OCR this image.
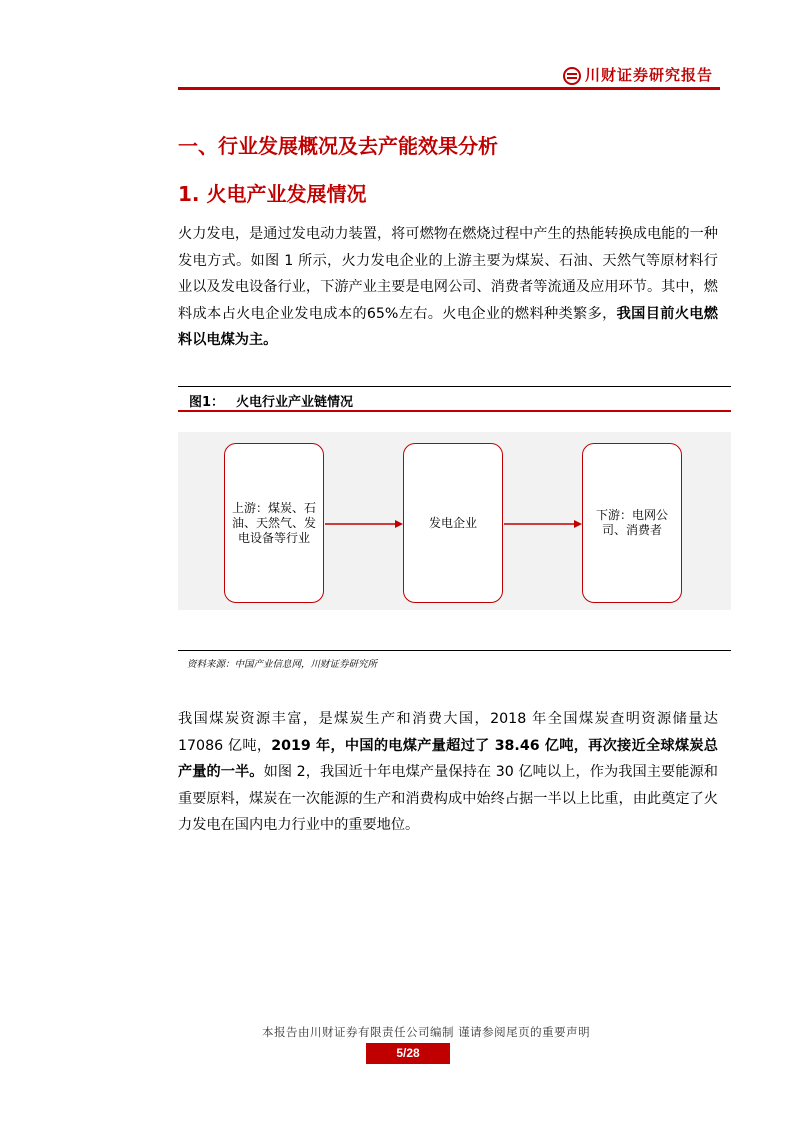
川财证券研究报告
一、行业发展概况及去产能效果分析
1. 火电产业发展情况
火力发电，是通过发电动力装置，将可燃物在燃烧过程中产生的热能转换成电能的一种发电方式。如图 1 所示，火力发电企业的上游主要为煤炭、石油、天然气等原材料行业以及发电设备行业，下游产业主要是电网公司、消费者等流通及应用环节。其中，燃料成本占火电企业发电成本的65%左右。火电企业的燃料种类繁多，我国目前火电燃料以电煤为主。
图1： 火电行业产业链情况
上游：煤炭、石油、天然气、发电设备等行业
发电企业
下游：电网公司、消费者
资料来源：中国产业信息网，川财证券研究所
我国煤炭资源丰富，是煤炭生产和消费大国，2018 年全国煤炭查明资源储量达 17086 亿吨，2019 年，中国的电煤产量超过了 38.46 亿吨，再次接近全球煤炭总产量的一半。如图 2，我国近十年电煤产量保持在 30 亿吨以上，作为我国主要能源和重要原料，煤炭在一次能源的生产和消费构成中始终占据一半以上比重，由此奠定了火力发电在国内电力行业中的重要地位。
本报告由川财证券有限责任公司编制 谨请参阅尾页的重要声明
5/28
